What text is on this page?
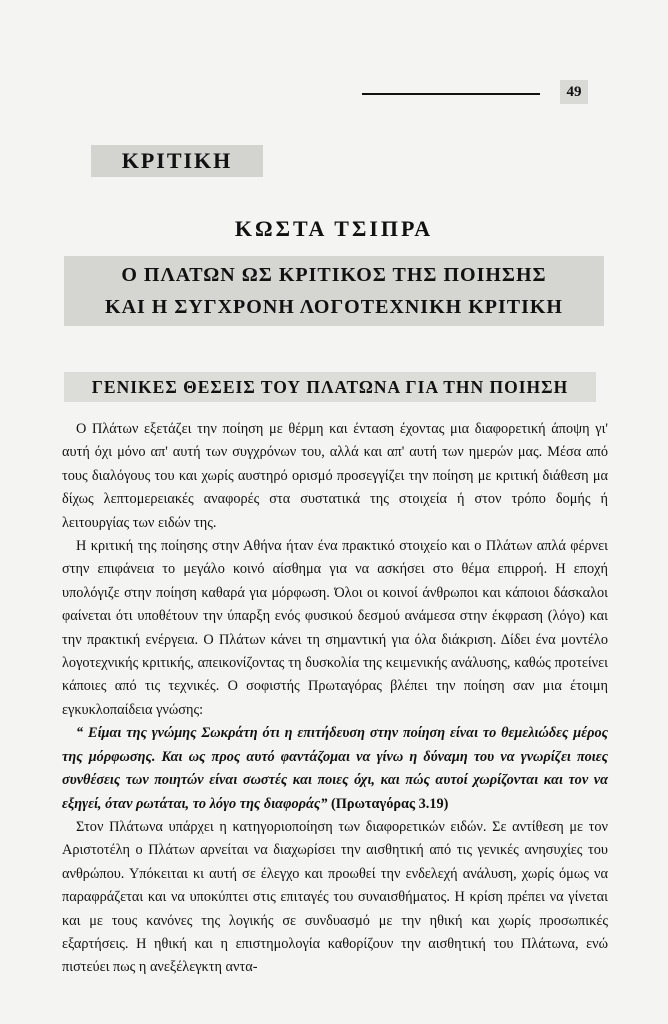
49
ΚΡΙΤΙΚΗ
ΚΩΣΤΑ ΤΣΙΠΡΑ
Ο ΠΛΑΤΩΝ ΩΣ ΚΡΙΤΙΚΟΣ ΤΗΣ ΠΟΙΗΣΗΣ
ΚΑΙ Η ΣΥΓΧΡΟΝΗ ΛΟΓΟΤΕΧΝΙΚΗ ΚΡΙΤΙΚΗ
ΓΕΝΙΚΕΣ ΘΕΣΕΙΣ ΤΟΥ ΠΛΑΤΩΝΑ ΓΙΑ ΤΗΝ ΠΟΙΗΣΗ

Ο Πλάτων εξετάζει την ποίηση με θέρμη και ένταση έχοντας μια διαφορετική άποψη γι' αυτή όχι μόνο απ' αυτή των συγχρόνων του, αλλά και απ' αυτή των ημερών μας. Μέσα από τους διαλόγους του και χωρίς αυστηρό ορισμό προσεγγίζει την ποίηση με κριτική διάθεση μα δίχως λεπτομερειακές αναφορές στα συστατικά της στοιχεία ή στον τρόπο δομής ή λειτουργίας των ειδών της.

Η κριτική της ποίησης στην Αθήνα ήταν ένα πρακτικό στοιχείο και ο Πλάτων απλά φέρνει στην επιφάνεια το μεγάλο κοινό αίσθημα για να ασκήσει στο θέμα επιρροή. Η εποχή υπολόγιζε στην ποίηση καθαρά για μόρφωση. Όλοι οι κοινοί άνθρωποι και κάποιοι δάσκαλοι φαίνεται ότι υποθέτουν την ύπαρξη ενός φυσικού δεσμού ανάμεσα στην έκφραση (λόγο) και την πρακτική ενέργεια. Ο Πλάτων κάνει τη σημαντική για όλα διάκριση. Δίδει ένα μοντέλο λογοτεχνικής κριτικής, απεικονίζοντας τη δυσκολία της κειμενικής ανάλυσης, καθώς προτείνει κάποιες από τις τεχνικές. Ο σοφιστής Πρωταγόρας βλέπει την ποίηση σαν μια έτοιμη εγκυκλοπαίδεια γνώσης:

“ Είμαι της γνώμης Σωκράτη ότι η επιτήδευση στην ποίηση είναι το θεμελιώδες μέρος της μόρφωσης. Και ως προς αυτό φαντάζομαι να γίνω η δύναμη του να γνωρίζει ποιες συνθέσεις των ποιητών είναι σωστές και ποιες όχι, και πώς αυτοί χωρίζονται και τον να εξηγεί, όταν ρωτάται, το λόγο της διαφοράς” (Πρωταγόρας 3.19)

Στον Πλάτωνα υπάρχει η κατηγοριοποίηση των διαφορετικών ειδών. Σε αντίθεση με τον Αριστοτέλη ο Πλάτων αρνείται να διαχωρίσει την αισθητική από τις γενικές ανησυχίες του ανθρώπου. Υπόκειται κι αυτή σε έλεγχο και προωθεί την ενδελεχή ανάλυση, χωρίς όμως να παραφράζεται και να υποκύπτει στις επιταγές του συναισθήματος. Η κρίση πρέπει να γίνεται και με τους κανόνες της λογικής σε συνδυασμό με την ηθική και χωρίς προσωπικές εξαρτήσεις. Η ηθική και η επιστημολογία καθορίζουν την αισθητική του Πλάτωνα, ενώ πιστεύει πως η ανεξέλεγκτη αντα-
